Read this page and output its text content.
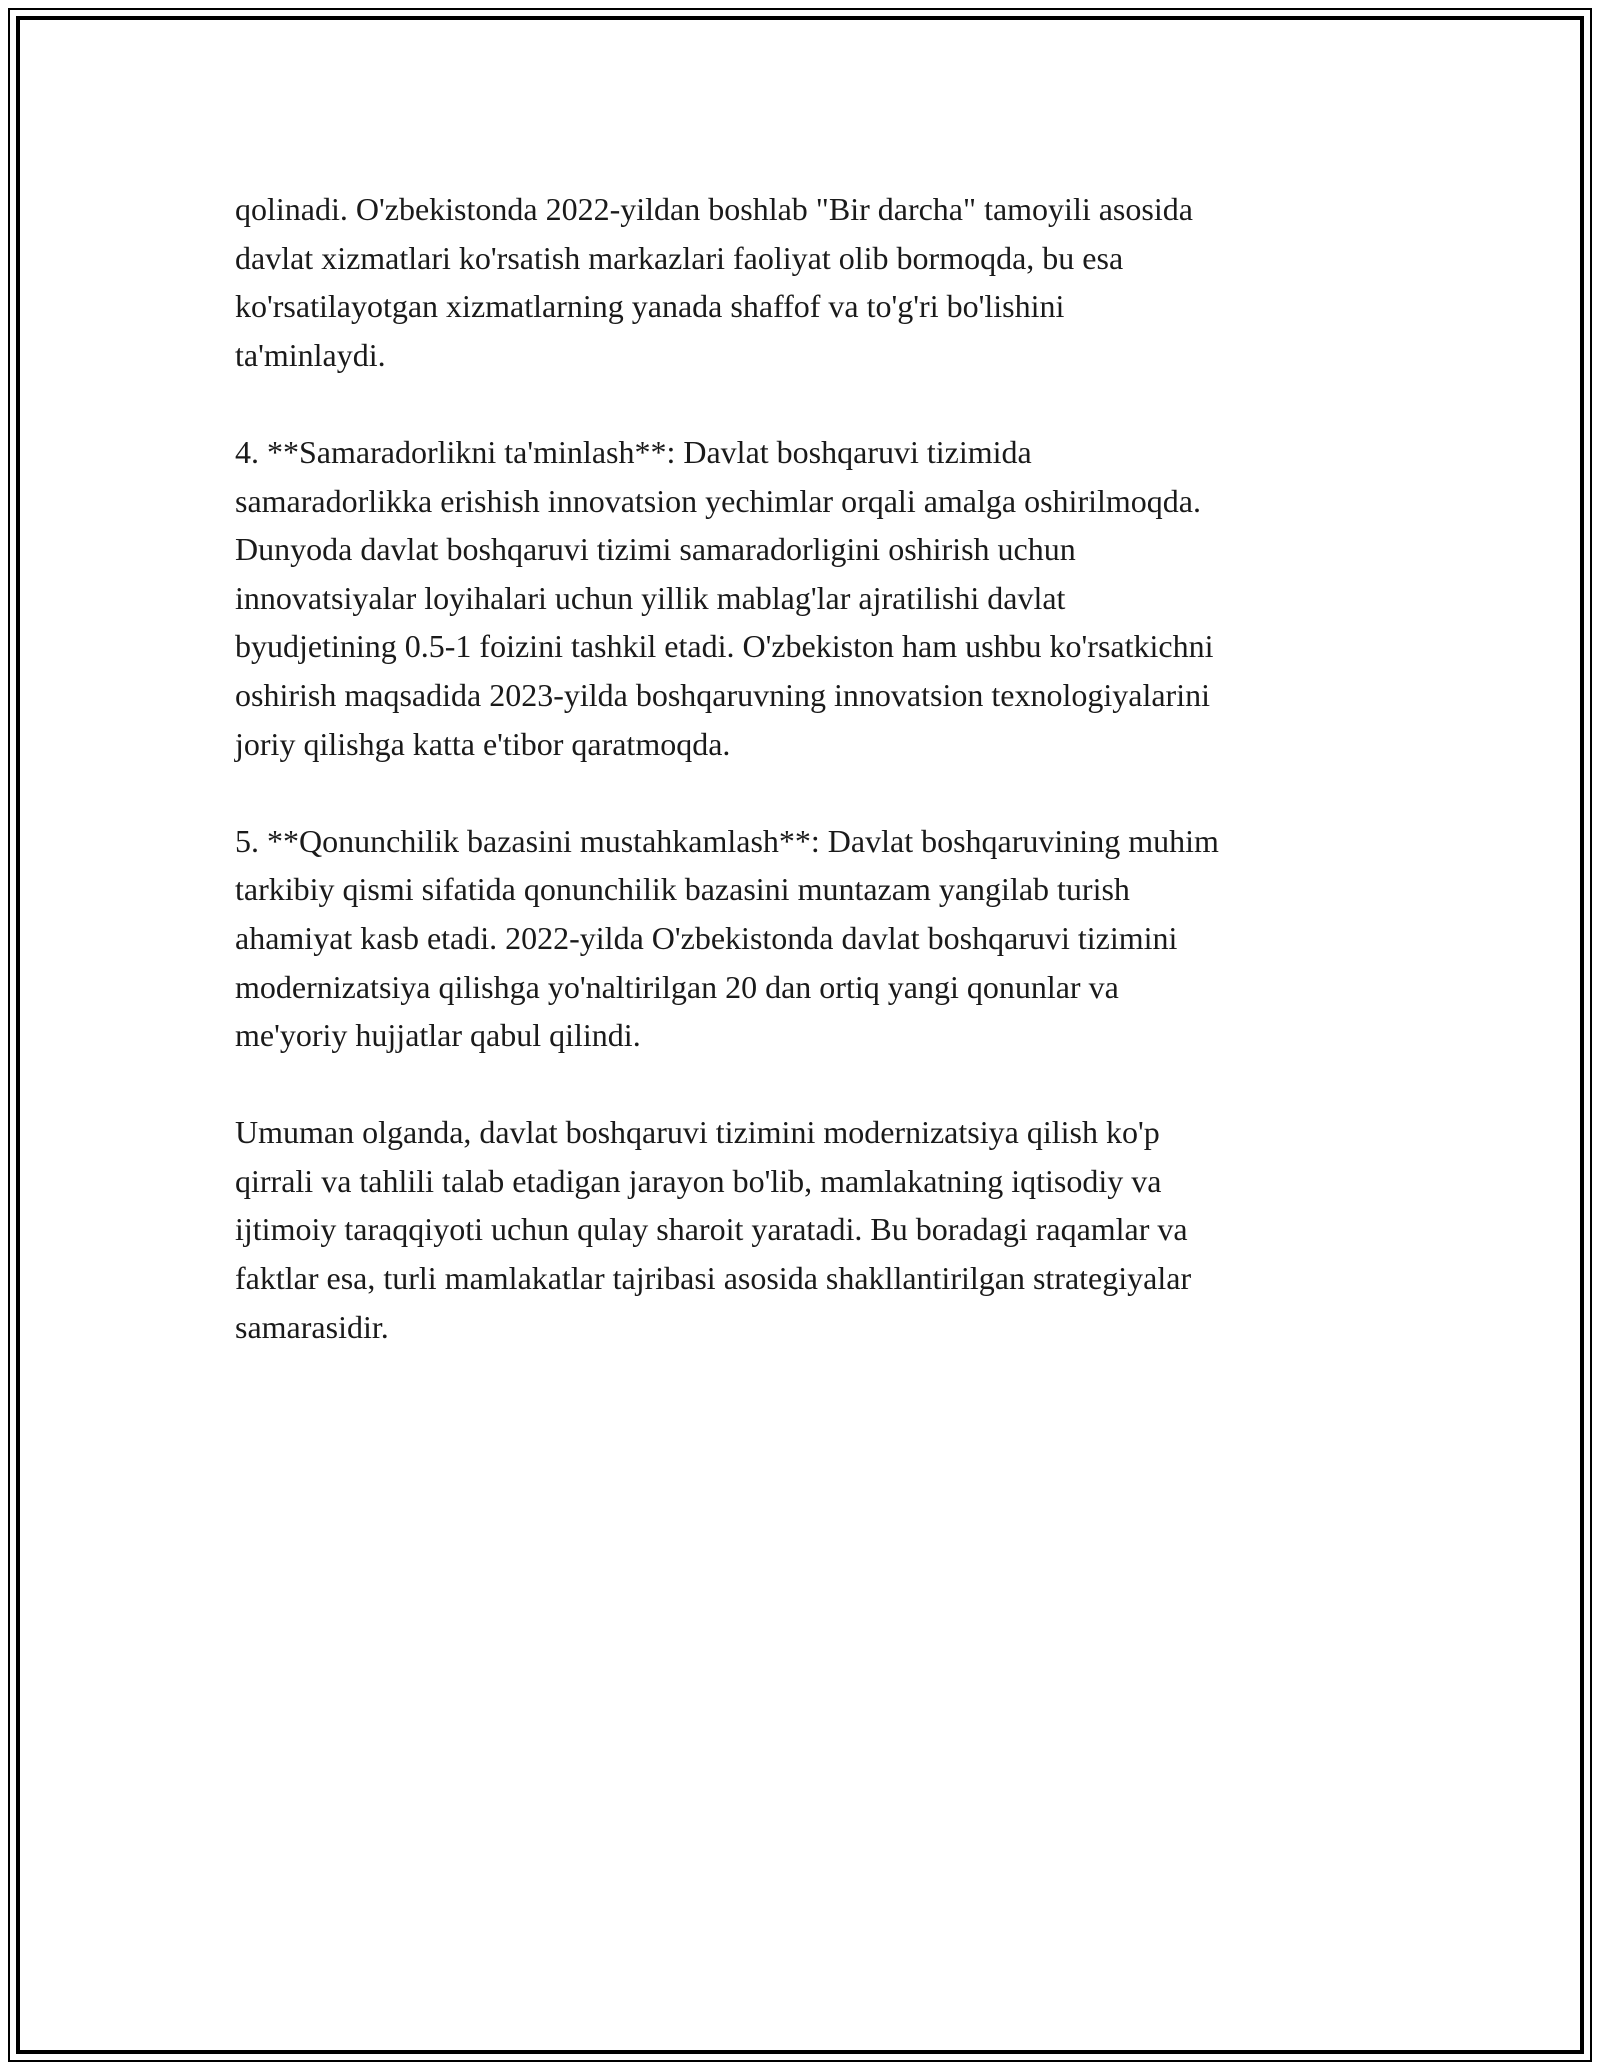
qolinadi. O'zbekistonda 2022-yildan boshlab "Bir darcha" tamoyili asosida
davlat xizmatlari ko'rsatish markazlari faoliyat olib bormoqda, bu esa
ko'rsatilayotgan xizmatlarning yanada shaffof va to'g'ri bo'lishini
ta'minlaydi.

4. **Samaradorlikni ta'minlash**: Davlat boshqaruvi tizimida
samaradorlikka erishish innovatsion yechimlar orqali amalga oshirilmoqda.
Dunyoda davlat boshqaruvi tizimi samaradorligini oshirish uchun
innovatsiyalar loyihalari uchun yillik mablag'lar ajratilishi davlat
byudjetining 0.5-1 foizini tashkil etadi. O'zbekiston ham ushbu ko'rsatkichni
oshirish maqsadida 2023-yilda boshqaruvning innovatsion texnologiyalarini
joriy qilishga katta e'tibor qaratmoqda.

5. **Qonunchilik bazasini mustahkamlash**: Davlat boshqaruvining muhim
tarkibiy qismi sifatida qonunchilik bazasini muntazam yangilab turish
ahamiyat kasb etadi. 2022-yilda O'zbekistonda davlat boshqaruvi tizimini
modernizatsiya qilishga yo'naltirilgan 20 dan ortiq yangi qonunlar va
me'yoriy hujjatlar qabul qilindi.

Umuman olganda, davlat boshqaruvi tizimini modernizatsiya qilish ko'p
qirrali va tahlili talab etadigan jarayon bo'lib, mamlakatning iqtisodiy va
ijtimoiy taraqqiyoti uchun qulay sharoit yaratadi. Bu boradagi raqamlar va
faktlar esa, turli mamlakatlar tajribasi asosida shakllantirilgan strategiyalar
samarasidir.
